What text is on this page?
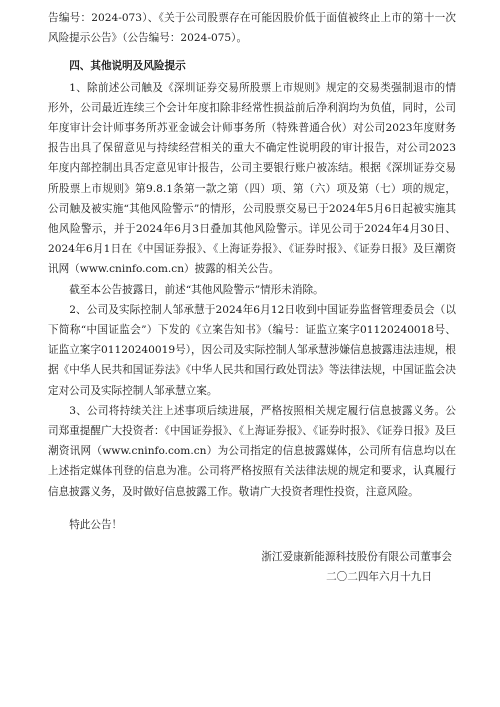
告编号：2024-073）、《关于公司股票存在可能因股价低于面值被终止上市的第十一次风险提示公告》（公告编号：2024-075）。

四、其他说明及风险提示

1、除前述公司触及《深圳证券交易所股票上市规则》规定的交易类强制退市的情形外，公司最近连续三个会计年度扣除非经常性损益前后净利润均为负值，同时，公司年度审计会计师事务所苏亚金诚会计师事务所（特殊普通合伙）对公司2023年度财务报告出具了保留意见与持续经营相关的重大不确定性说明段的审计报告，对公司2023年度内部控制出具否定意见审计报告，公司主要银行账户被冻结。根据《深圳证券交易所股票上市规则》第9.8.1条第一款之第（四）项、第（六）项及第（七）项的规定，公司触及被实施“其他风险警示”的情形，公司股票交易已于2024年5月6日起被实施其他风险警示，并于2024年6月3日叠加其他风险警示。详见公司于2024年4月30日、2024年6月1日在《中国证券报》、《上海证券报》、《证券时报》、《证券日报》及巨潮资讯网（www.cninfo.com.cn）披露的相关公告。

截至本公告披露日，前述“其他风险警示”情形未消除。

2、公司及实际控制人邹承慧于2024年6月12日收到中国证券监督管理委员会（以下简称“中国证监会”）下发的《立案告知书》（编号：证监立案字01120240018号、证监立案字01120240019号），因公司及实际控制人邹承慧涉嫌信息披露违法违规，根据《中华人民共和国证券法》《中华人民共和国行政处罚法》等法律法规，中国证监会决定对公司及实际控制人邹承慧立案。

3、公司将持续关注上述事项后续进展，严格按照相关规定履行信息披露义务。公司郑重提醒广大投资者：《中国证券报》、《上海证券报》、《证券时报》、《证券日报》及巨潮资讯网（www.cninfo.com.cn）为公司指定的信息披露媒体，公司所有信息均以在上述指定媒体刊登的信息为准。公司将严格按照有关法律法规的规定和要求，认真履行信息披露义务，及时做好信息披露工作。敬请广大投资者理性投资，注意风险。

特此公告！

浙江爱康新能源科技股份有限公司董事会

二〇二四年六月十九日
